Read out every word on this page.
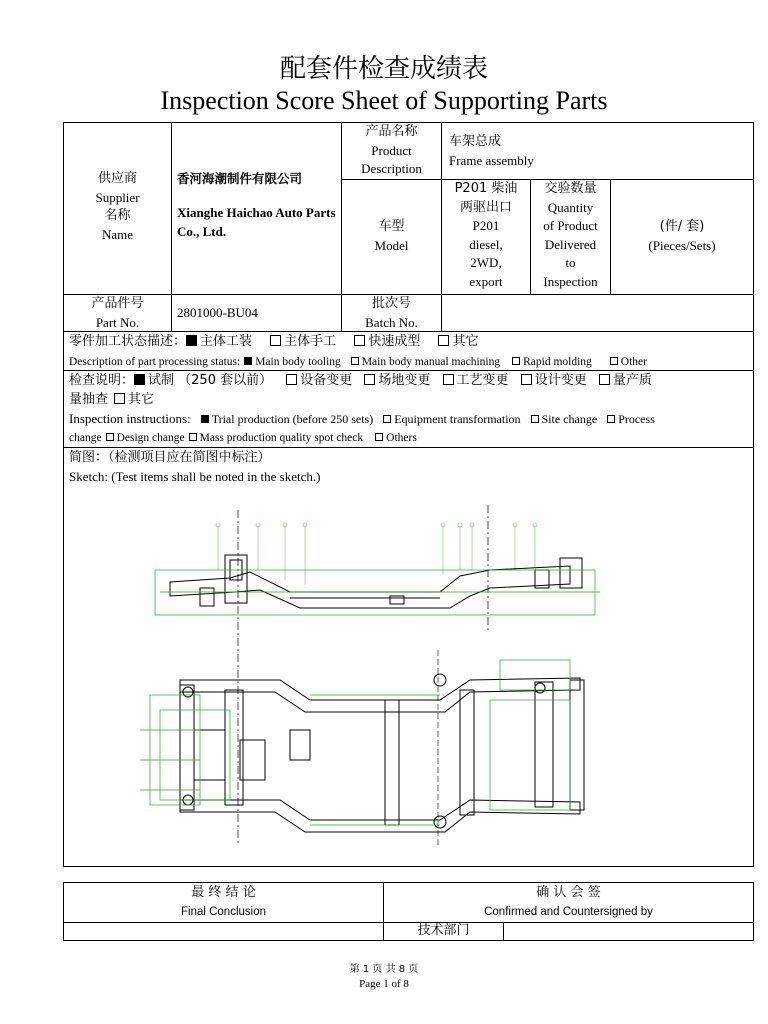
配套件检查成绩表
Inspection Score Sheet of Supporting Parts
供应商
Supplier
名称
Name
香河海潮制件有限公司
Xianghe Haichao Auto Parts Co., Ltd.
产品名称
Product
Description
车架总成
Frame assembly
车型
Model
P201 柴油
两驱出口
P201
diesel,
2WD,
export
交验数量
Quantity
of Product
Delivered
to
Inspection
(件/ 套)
(Pieces/Sets)
产品件号
Part No.
2801000-BU04
批次号
Batch No.
零件加工状态描述： 主体工装 主体手工 快速成型 其它
Description of part processing status: Main body tooling Main body manual machining Rapid molding	Other
检查说明： 试制 （250 套以前） 设备变更 场地变更 工艺变更 设计变更 量产质
量抽查 其它
Inspection instructions: Trial production (before 250 sets) Equipment transformation Site change Process
change Design change Mass production quality spot check Others
简图：（检测项目应在简图中标注）
Sketch: (Test items shall be noted in the sketch.)
最 终 结 论
Final Conclusion
确 认 会 签
Confirmed and Countersigned by
技术部门
第 1 页 共 8 页
Page 1 of 8
